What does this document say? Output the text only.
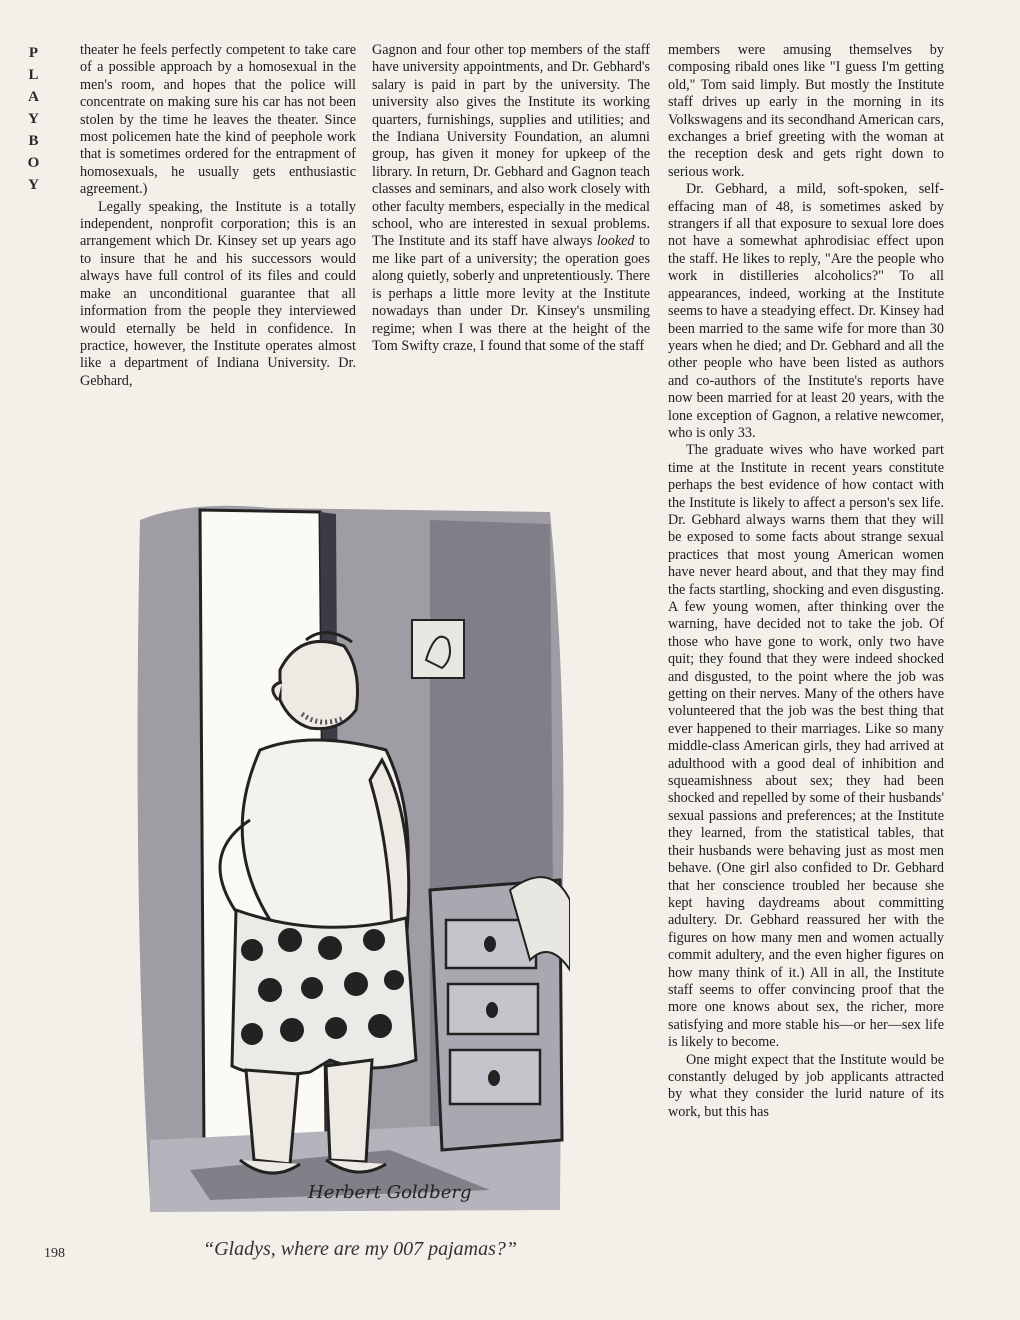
P
L
A
Y
B
O
Y

theater he feels perfectly competent to take care of a possible approach by a homosexual in the men's room, and hopes that the police will concentrate on making sure his car has not been stolen by the time he leaves the theater. Since most policemen hate the kind of peephole work that is sometimes ordered for the entrapment of homosexuals, he usually gets enthusiastic agreement.)

Legally speaking, the Institute is a totally independent, nonprofit corporation; this is an arrangement which Dr. Kinsey set up years ago to insure that he and his successors would always have full control of its files and could make an unconditional guarantee that all information from the people they interviewed would eternally be held in confidence. In practice, however, the Institute operates almost like a department of Indiana University. Dr. Gebhard,

Gagnon and four other top members of the staff have university appointments, and Dr. Gebhard's salary is paid in part by the university. The university also gives the Institute its working quarters, furnishings, supplies and utilities; and the Indiana University Foundation, an alumni group, has given it money for upkeep of the library. In return, Dr. Gebhard and Gagnon teach classes and seminars, and also work closely with other faculty members, especially in the medical school, who are interested in sexual problems. The Institute and its staff have always looked to me like part of a university; the operation goes along quietly, soberly and unpretentiously. There is perhaps a little more levity at the Institute nowadays than under Dr. Kinsey's unsmiling regime; when I was there at the height of the Tom Swifty craze, I found that some of the staff

members were amusing themselves by composing ribald ones like "I guess I'm getting old," Tom said limply. But mostly the Institute staff drives up early in the morning in its Volkswagens and its secondhand American cars, exchanges a brief greeting with the woman at the reception desk and gets right down to serious work.

Dr. Gebhard, a mild, soft-spoken, self-effacing man of 48, is sometimes asked by strangers if all that exposure to sexual lore does not have a somewhat aphrodisiac effect upon the staff. He likes to reply, "Are the people who work in distilleries alcoholics?" To all appearances, indeed, working at the Institute seems to have a steadying effect. Dr. Kinsey had been married to the same wife for more than 30 years when he died; and Dr. Gebhard and all the other people who have been listed as authors and co-authors of the Institute's reports have now been married for at least 20 years, with the lone exception of Gagnon, a relative newcomer, who is only 33.

The graduate wives who have worked part time at the Institute in recent years constitute perhaps the best evidence of how contact with the Institute is likely to affect a person's sex life. Dr. Gebhard always warns them that they will be exposed to some facts about strange sexual practices that most young American women have never heard about, and that they may find the facts startling, shocking and even disgusting. A few young women, after thinking over the warning, have decided not to take the job. Of those who have gone to work, only two have quit; they found that they were indeed shocked and disgusted, to the point where the job was getting on their nerves. Many of the others have volunteered that the job was the best thing that ever happened to their marriages. Like so many middle-class American girls, they had arrived at adulthood with a good deal of inhibition and squeamishness about sex; they had been shocked and repelled by some of their husbands' sexual passions and preferences; at the Institute they learned, from the statistical tables, that their husbands were behaving just as most men behave. (One girl also confided to Dr. Gebhard that her conscience troubled her because she kept having daydreams about committing adultery. Dr. Gebhard reassured her with the figures on how many men and women actually commit adultery, and the even higher figures on how many think of it.) All in all, the Institute staff seems to offer convincing proof that the more one knows about sex, the richer, more satisfying and more stable his—or her—sex life is likely to become.

One might expect that the Institute would be constantly deluged by job applicants attracted by what they consider the lurid nature of its work, but this has

Herbert Goldberg
“Gladys, where are my 007 pajamas?”
198
